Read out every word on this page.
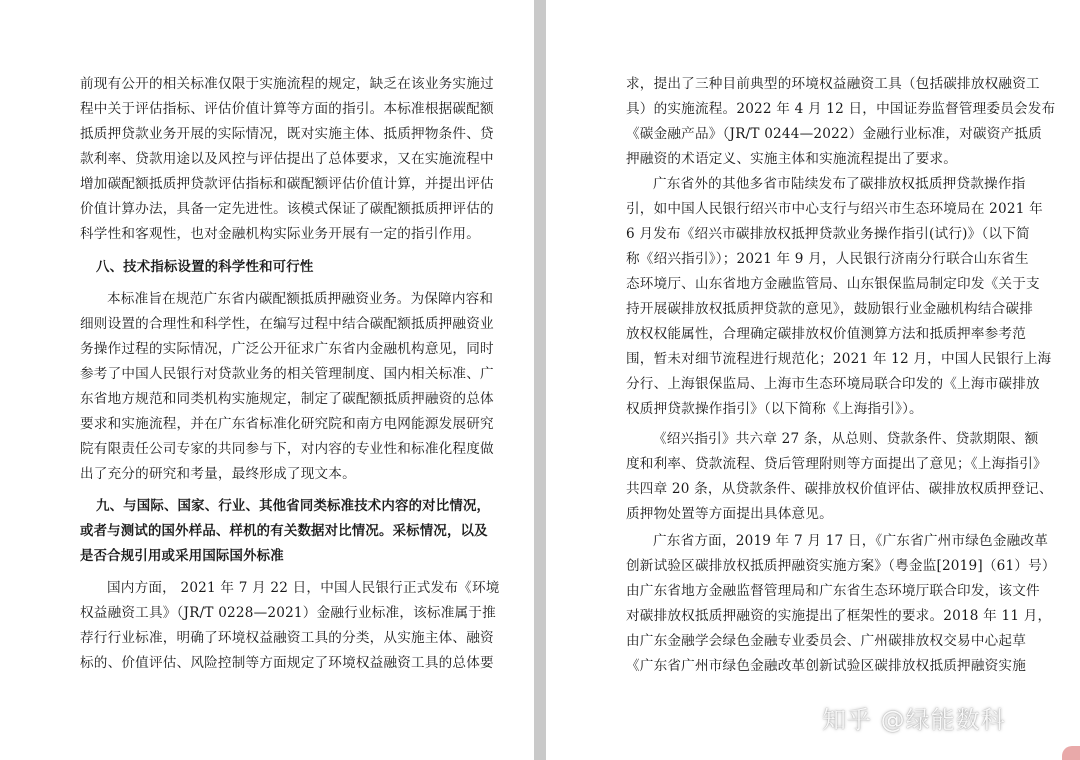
前现有公开的相关标准仅限于实施流程的规定，缺乏在该业务实施过
程中关于评估指标、评估价值计算等方面的指引。本标准根据碳配额
抵质押贷款业务开展的实际情况，既对实施主体、抵质押物条件、贷
款利率、贷款用途以及风控与评估提出了总体要求，又在实施流程中
增加碳配额抵质押贷款评估指标和碳配额评估价值计算，并提出评估
价值计算办法，具备一定先进性。该模式保证了碳配额抵质押评估的
科学性和客观性，也对金融机构实际业务开展有一定的指引作用。
八、技术指标设置的科学性和可行性
本标准旨在规范广东省内碳配额抵质押融资业务。为保障内容和
细则设置的合理性和科学性，在编写过程中结合碳配额抵质押融资业
务操作过程的实际情况，广泛公开征求广东省内金融机构意见，同时
参考了中国人民银行对贷款业务的相关管理制度、国内相关标准、广
东省地方规范和同类机构实施规定，制定了碳配额抵质押融资的总体
要求和实施流程，并在广东省标准化研究院和南方电网能源发展研究
院有限责任公司专家的共同参与下，对内容的专业性和标准化程度做
出了充分的研究和考量，最终形成了现文本。
九、与国际、国家、行业、其他省同类标准技术内容的对比情况，
或者与测试的国外样品、样机的有关数据对比情况。采标情况，以及
是否合规引用或采用国际国外标准
国内方面， 2021 年 7 月 22 日，中国人民银行正式发布《环境
权益融资工具》（JR/T 0228—2021）金融行业标准，该标准属于推
荐行行业标准，明确了环境权益融资工具的分类，从实施主体、融资
标的、价值评估、风险控制等方面规定了环境权益融资工具的总体要
求，提出了三种目前典型的环境权益融资工具（包括碳排放权融资工
具）的实施流程。2022 年 4 月 12 日，中国证券监督管理委员会发布
《碳金融产品》（JR/T 0244—2022）金融行业标准，对碳资产抵质
押融资的术语定义、实施主体和实施流程提出了要求。
广东省外的其他多省市陆续发布了碳排放权抵质押贷款操作指
引，如中国人民银行绍兴市中心支行与绍兴市生态环境局在 2021 年
6 月发布《绍兴市碳排放权抵押贷款业务操作指引(试行)》（以下简
称《绍兴指引》）；2021 年 9 月，人民银行济南分行联合山东省生
态环境厅、山东省地方金融监管局、山东银保监局制定印发《关于支
持开展碳排放权抵质押贷款的意见》，鼓励银行业金融机构结合碳排
放权权能属性，合理确定碳排放权价值测算方法和抵质押率参考范
围，暂未对细节流程进行规范化；2021 年 12 月，中国人民银行上海
分行、上海银保监局、上海市生态环境局联合印发的《上海市碳排放
权质押贷款操作指引》（以下简称《上海指引》）。
《绍兴指引》共六章 27 条，从总则、贷款条件、贷款期限、额
度和利率、贷款流程、贷后管理附则等方面提出了意见；《上海指引》
共四章 20 条，从贷款条件、碳排放权价值评估、碳排放权质押登记、
质押物处置等方面提出具体意见。
广东省方面，2019 年 7 月 17 日，《广东省广州市绿色金融改革
创新试验区碳排放权抵质押融资实施方案》（粤金监[2019]（61）号）
由广东省地方金融监督管理局和广东省生态环境厅联合印发，该文件
对碳排放权抵质押融资的实施提出了框架性的要求。2018 年 11 月，
由广东金融学会绿色金融专业委员会、广州碳排放权交易中心起草
《广东省广州市绿色金融改革创新试验区碳排放权抵质押融资实施
知乎 @绿能数科
